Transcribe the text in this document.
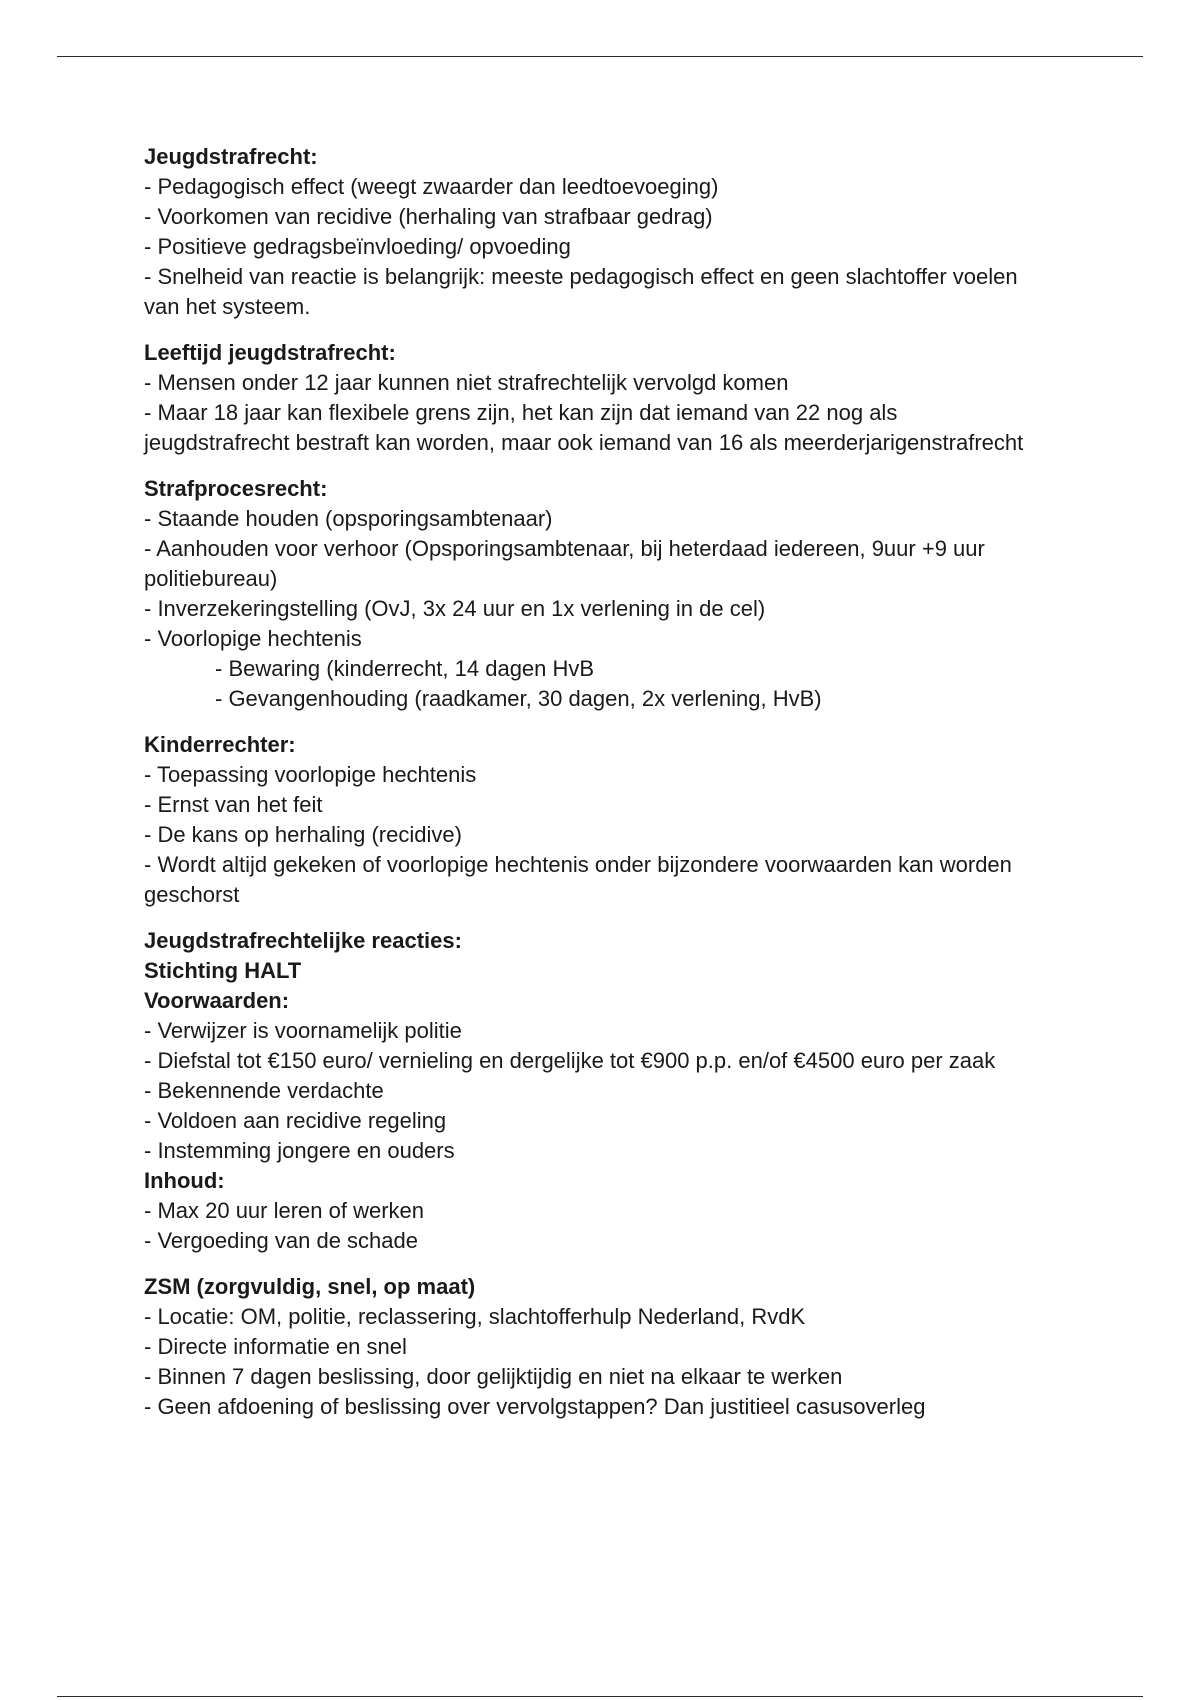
Jeugdstrafrecht:

- Pedagogisch effect (weegt zwaarder dan leedtoevoeging)

- Voorkomen van recidive (herhaling van strafbaar gedrag)

- Positieve gedragsbeïnvloeding/ opvoeding

- Snelheid van reactie is belangrijk: meeste pedagogisch effect en geen slachtoffer voelen van het systeem.

Leeftijd jeugdstrafrecht:

- Mensen onder 12 jaar kunnen niet strafrechtelijk vervolgd komen

- Maar 18 jaar kan flexibele grens zijn, het kan zijn dat iemand van 22 nog als jeugdstrafrecht bestraft kan worden, maar ook iemand van 16 als meerderjarigenstrafrecht

Strafprocesrecht:

- Staande houden (opsporingsambtenaar)

- Aanhouden voor verhoor (Opsporingsambtenaar, bij heterdaad iedereen, 9uur +9 uur politiebureau)

- Inverzekeringstelling (OvJ, 3x 24 uur en 1x verlening in de cel)

- Voorlopige hechtenis

- Bewaring (kinderrecht, 14 dagen HvB

- Gevangenhouding (raadkamer, 30 dagen, 2x verlening, HvB)

Kinderrechter:

- Toepassing voorlopige hechtenis

- Ernst van het feit

- De kans op herhaling (recidive)

- Wordt altijd gekeken of voorlopige hechtenis onder bijzondere voorwaarden kan worden geschorst

Jeugdstrafrechtelijke reacties:

Stichting HALT

Voorwaarden:

- Verwijzer is voornamelijk politie

- Diefstal tot €150 euro/ vernieling en dergelijke tot €900 p.p. en/of €4500 euro per zaak

- Bekennende verdachte

- Voldoen aan recidive regeling

- Instemming jongere en ouders

Inhoud:

- Max 20 uur leren of werken

- Vergoeding van de schade

ZSM (zorgvuldig, snel, op maat)

- Locatie: OM, politie, reclassering, slachtofferhulp Nederland, RvdK

- Directe informatie en snel

- Binnen 7 dagen beslissing, door gelijktijdig en niet na elkaar te werken

- Geen afdoening of beslissing over vervolgstappen? Dan justitieel casusoverleg
